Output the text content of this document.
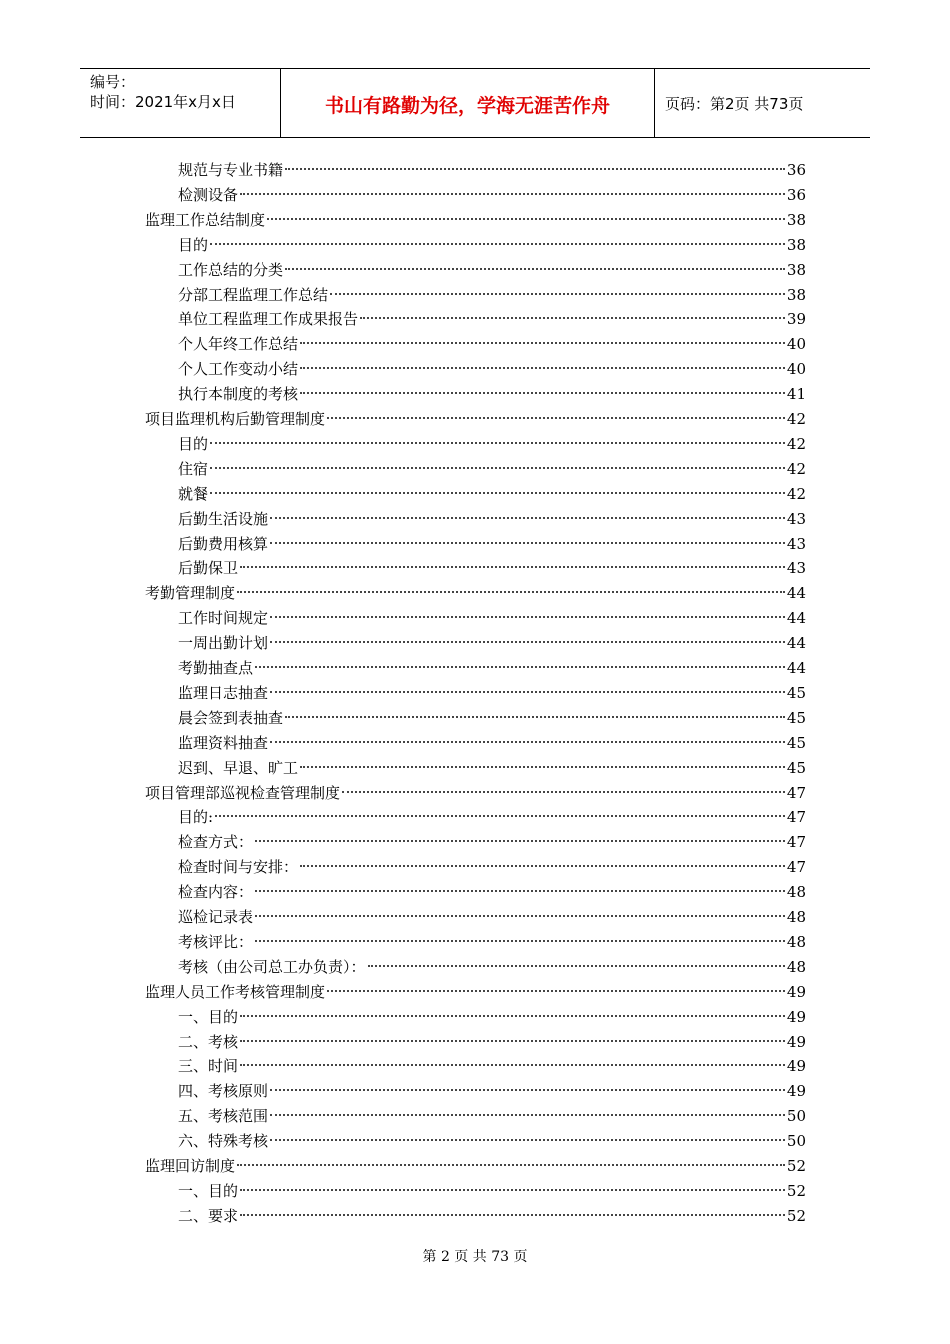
编号：
时间：2021年x月x日	书山有路勤为径，学海无涯苦作舟	页码：第2页 共73页
规范与专业书籍	36
检测设备	36
监理工作总结制度	38
目的	38
工作总结的分类	38
分部工程监理工作总结	38
单位工程监理工作成果报告	39
个人年终工作总结	40
个人工作变动小结	40
执行本制度的考核	41
项目监理机构后勤管理制度	42
目的	42
住宿	42
就餐	42
后勤生活设施	43
后勤费用核算	43
后勤保卫	43
考勤管理制度	44
工作时间规定	44
一周出勤计划	44
考勤抽查点	44
监理日志抽查	45
晨会签到表抽查	45
监理资料抽查	45
迟到、早退、旷工	45
项目管理部巡视检查管理制度	47
目的:	47
检查方式：	47
检查时间与安排：	47
检查内容：	48
巡检记录表	48
考核评比：	48
考核（由公司总工办负责）：	48
监理人员工作考核管理制度	49
一、目的	49
二、考核	49
三、时间	49
四、考核原则	49
五、考核范围	50
六、特殊考核	50
监理回访制度	52
一、目的	52
二、要求	52
第 2 页 共 73 页
